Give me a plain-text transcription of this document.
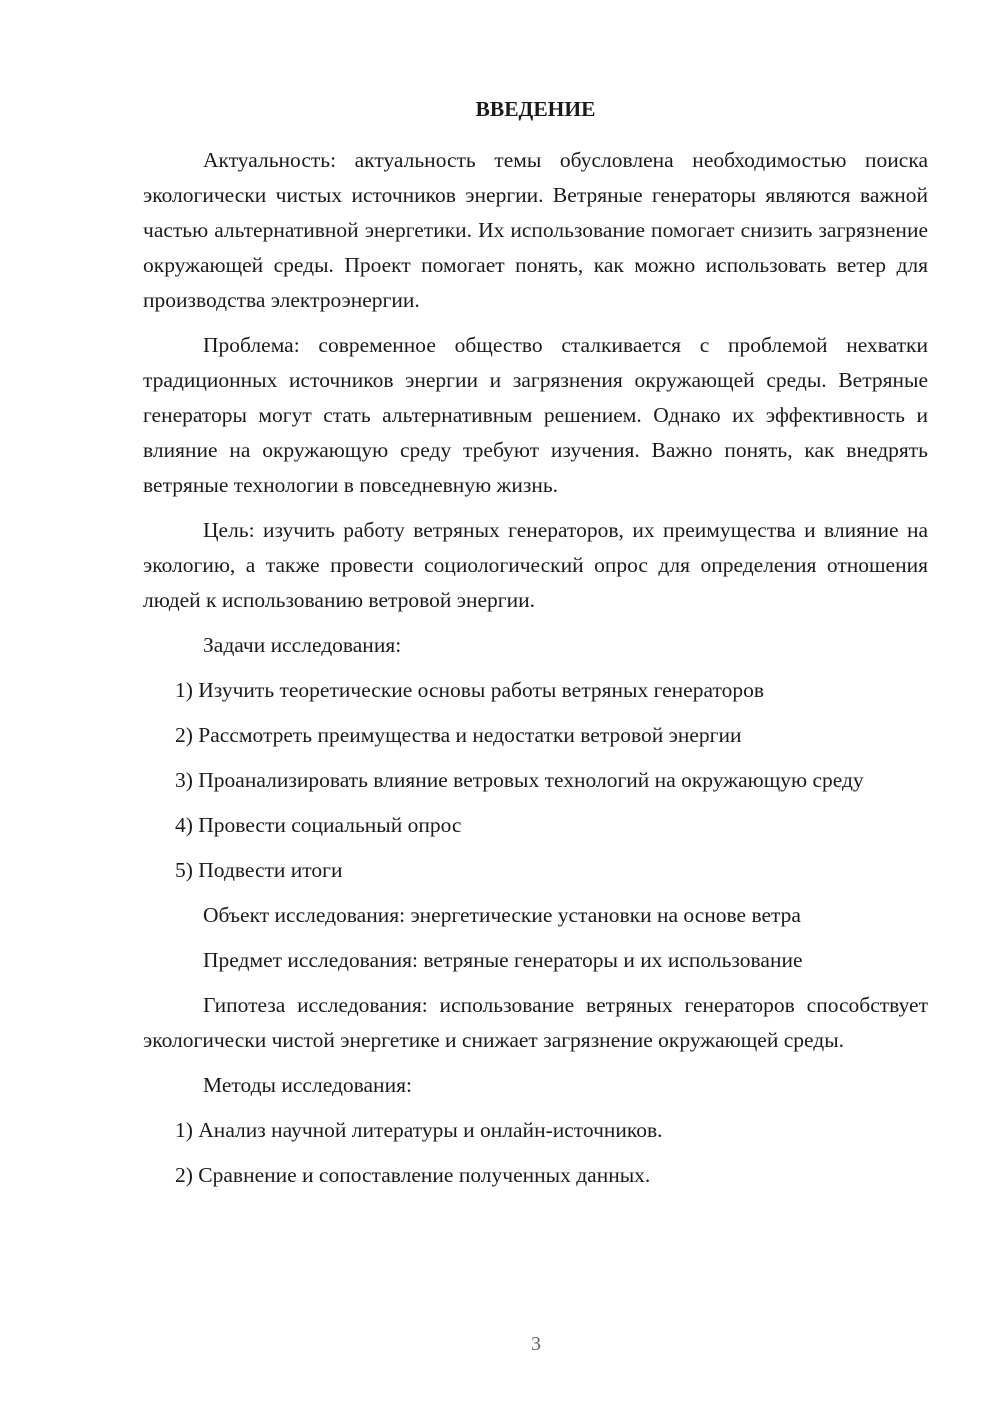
ВВЕДЕНИЕ

Актуальность: актуальность темы обусловлена необходимостью поиска экологически чистых источников энергии. Ветряные генераторы являются важной частью альтернативной энергетики. Их использование помогает снизить загрязнение окружающей среды. Проект помогает понять, как можно использовать ветер для производства электроэнергии.

Проблема: современное общество сталкивается с проблемой нехватки традиционных источников энергии и загрязнения окружающей среды. Ветряные генераторы могут стать альтернативным решением. Однако их эффективность и влияние на окружающую среду требуют изучения. Важно понять, как внедрять ветряные технологии в повседневную жизнь.

Цель: изучить работу ветряных генераторов, их преимущества и влияние на экологию, а также провести социологический опрос для определения отношения людей к использованию ветровой энергии.

Задачи исследования:

1) Изучить теоретические основы работы ветряных генераторов

2) Рассмотреть преимущества и недостатки ветровой энергии

3) Проанализировать влияние ветровых технологий на окружающую среду

4) Провести социальный опрос

5) Подвести итоги

Объект исследования: энергетические установки на основе ветра

Предмет исследования: ветряные генераторы и их использование

Гипотеза исследования: использование ветряных генераторов способствует экологически чистой энергетике и снижает загрязнение окружающей среды.

Методы исследования:

1) Анализ научной литературы и онлайн-источников.

2) Сравнение и сопоставление полученных данных.

3
